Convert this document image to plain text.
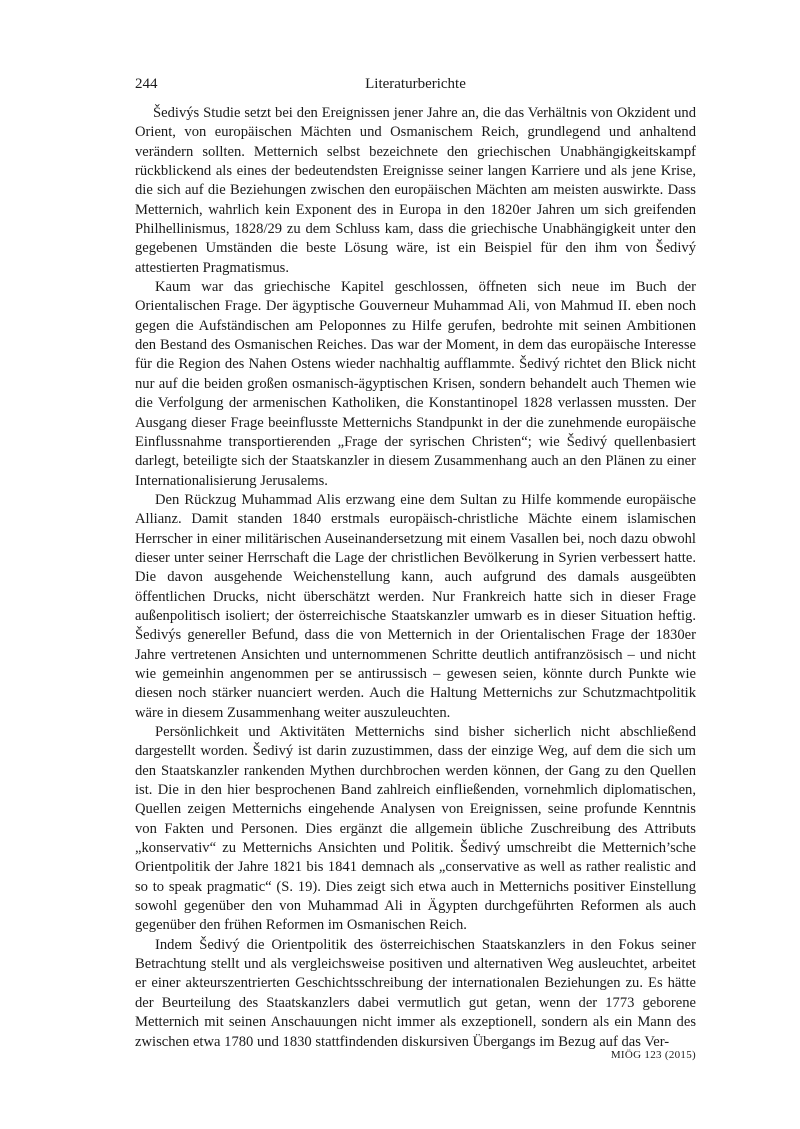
244	Literaturberichte

Šedivýs Studie setzt bei den Ereignissen jener Jahre an, die das Verhältnis von Okzident und Orient, von europäischen Mächten und Osmanischem Reich, grundlegend und anhaltend verändern sollten. Metternich selbst bezeichnete den griechischen Unabhängigkeitskampf rückblickend als eines der bedeutendsten Ereignisse seiner langen Karriere und als jene Krise, die sich auf die Beziehungen zwischen den europäischen Mächten am meisten auswirkte. Dass Metternich, wahrlich kein Exponent des in Europa in den 1820er Jahren um sich greifenden Philhellinismus, 1828/29 zu dem Schluss kam, dass die griechische Unabhängigkeit unter den gegebenen Umständen die beste Lösung wäre, ist ein Beispiel für den ihm von Šedivý attestierten Pragmatismus.

Kaum war das griechische Kapitel geschlossen, öffneten sich neue im Buch der Orientalischen Frage. Der ägyptische Gouverneur Muhammad Ali, von Mahmud II. eben noch gegen die Aufständischen am Peloponnes zu Hilfe gerufen, bedrohte mit seinen Ambitionen den Bestand des Osmanischen Reiches. Das war der Moment, in dem das europäische Interesse für die Region des Nahen Ostens wieder nachhaltig aufflammte. Šedivý richtet den Blick nicht nur auf die beiden großen osmanisch-ägyptischen Krisen, sondern behandelt auch Themen wie die Verfolgung der armenischen Katholiken, die Konstantinopel 1828 verlassen mussten. Der Ausgang dieser Frage beeinflusste Metternichs Standpunkt in der die zunehmende europäische Einflussnahme transportierenden „Frage der syrischen Christen“; wie Šedivý quellenbasiert darlegt, beteiligte sich der Staatskanzler in diesem Zusammenhang auch an den Plänen zu einer Internationalisierung Jerusalems.

Den Rückzug Muhammad Alis erzwang eine dem Sultan zu Hilfe kommende europäische Allianz. Damit standen 1840 erstmals europäisch-christliche Mächte einem islamischen Herrscher in einer militärischen Auseinandersetzung mit einem Vasallen bei, noch dazu obwohl dieser unter seiner Herrschaft die Lage der christlichen Bevölkerung in Syrien verbessert hatte. Die davon ausgehende Weichenstellung kann, auch aufgrund des damals ausgeübten öffentlichen Drucks, nicht überschätzt werden. Nur Frankreich hatte sich in dieser Frage außenpolitisch isoliert; der österreichische Staatskanzler umwarb es in dieser Situation heftig. Šedivýs genereller Befund, dass die von Metternich in der Orientalischen Frage der 1830er Jahre vertretenen Ansichten und unternommenen Schritte deutlich antifranzösisch – und nicht wie gemeinhin angenommen per se antirussisch – gewesen seien, könnte durch Punkte wie diesen noch stärker nuanciert werden. Auch die Haltung Metternichs zur Schutzmachtpolitik wäre in diesem Zusammenhang weiter auszuleuchten.

Persönlichkeit und Aktivitäten Metternichs sind bisher sicherlich nicht abschließend dargestellt worden. Šedivý ist darin zuzustimmen, dass der einzige Weg, auf dem die sich um den Staatskanzler rankenden Mythen durchbrochen werden können, der Gang zu den Quellen ist. Die in den hier besprochenen Band zahlreich einfließenden, vornehmlich diplomatischen, Quellen zeigen Metternichs eingehende Analysen von Ereignissen, seine profunde Kenntnis von Fakten und Personen. Dies ergänzt die allgemein übliche Zuschreibung des Attributs „konservativ“ zu Metternichs Ansichten und Politik. Šedivý umschreibt die Metternich’sche Orientpolitik der Jahre 1821 bis 1841 demnach als „conservative as well as rather realistic and so to speak pragmatic“ (S. 19). Dies zeigt sich etwa auch in Metternichs positiver Einstellung sowohl gegenüber den von Muhammad Ali in Ägypten durchgeführten Reformen als auch gegenüber den frühen Reformen im Osmanischen Reich.

Indem Šedivý die Orientpolitik des österreichischen Staatskanzlers in den Fokus seiner Betrachtung stellt und als vergleichsweise positiven und alternativen Weg ausleuchtet, arbeitet er einer akteurszentrierten Geschichtsschreibung der internationalen Beziehungen zu. Es hätte der Beurteilung des Staatskanzlers dabei vermutlich gut getan, wenn der 1773 geborene Metternich mit seinen Anschauungen nicht immer als exzeptionell, sondern als ein Mann des zwischen etwa 1780 und 1830 stattfindenden diskursiven Übergangs im Bezug auf das Ver-

MIÖG 123 (2015)
